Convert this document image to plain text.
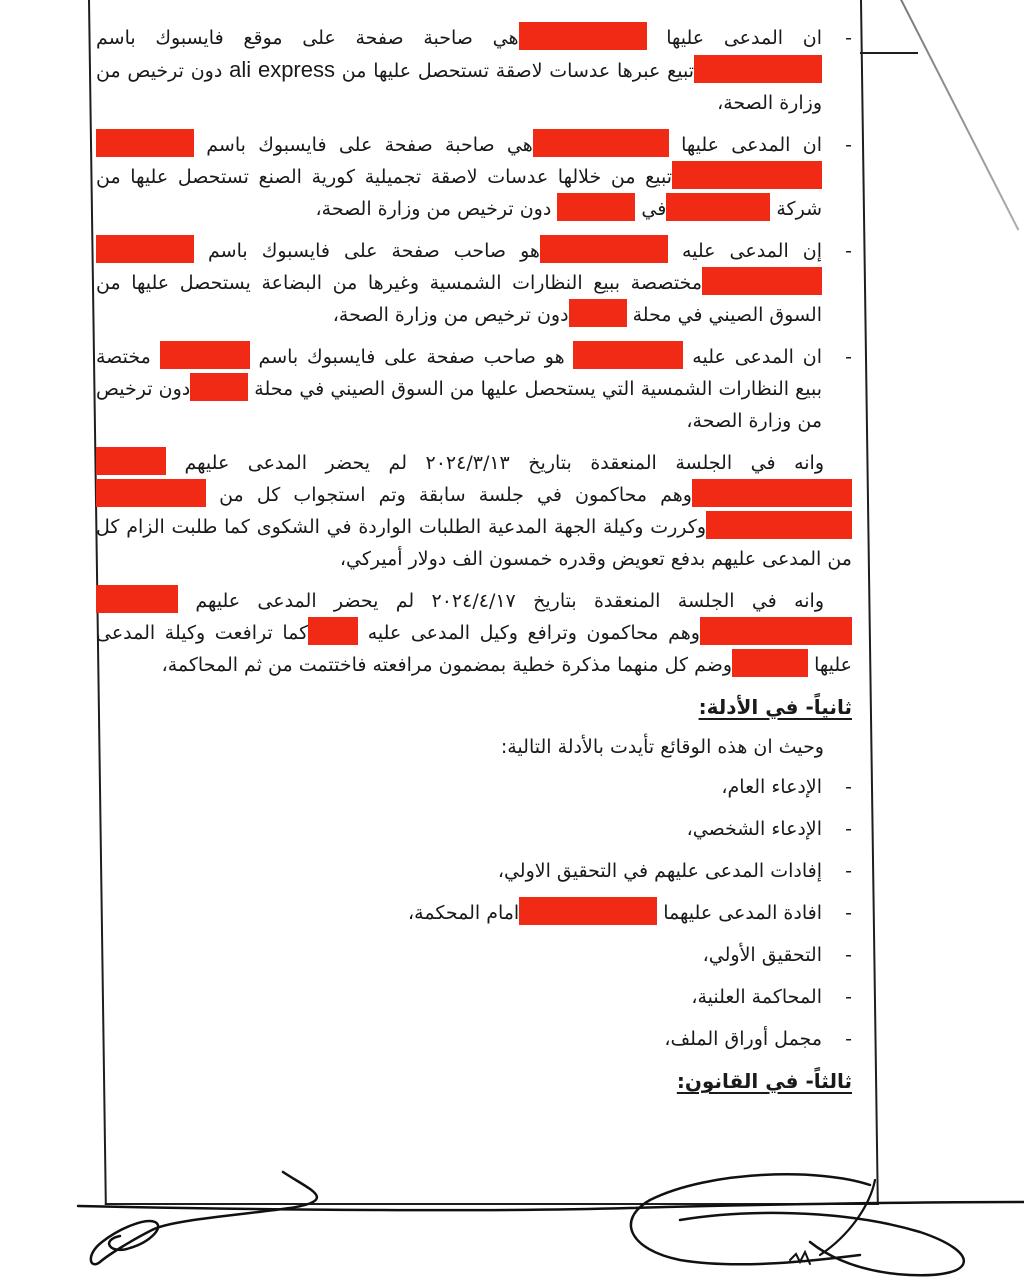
-
ان المدعى عليها هي صاحبة صفحة على موقع فايسبوك باسم تبيع عبرها عدسات لاصقة تستحصل عليها من ali express دون ترخيص من وزارة الصحة،
-
ان المدعى عليها هي صاحبة صفحة على فايسبوك باسم  تبيع من خلالها عدسات لاصقة تجميلية كورية الصنع تستحصل عليها من شركة في  دون ترخيص من وزارة الصحة،
-
إن المدعى عليه هو صاحب صفحة على فايسبوك باسم  مختصصة ببيع النظارات الشمسية وغيرها من البضاعة يستحصل عليها من السوق الصيني في محلة دون ترخيص من وزارة الصحة،
-
ان المدعى عليه  هو صاحب صفحة على فايسبوك باسم  مختصة ببيع النظارات الشمسية التي يستحصل عليها من السوق الصيني في محلة دون ترخيص من وزارة الصحة،
وانه في الجلسة المنعقدة بتاريخ ٢٠٢٤/٣/١٣ لم يحضر المدعى عليهم  وهم محاكمون في جلسة سابقة وتم استجواب كل من  وكررت وكيلة الجهة المدعية الطلبات الواردة في الشكوى كما طلبت الزام كل من المدعى عليهم بدفع تعويض وقدره خمسون الف دولار أميركي،
وانه في الجلسة المنعقدة بتاريخ ٢٠٢٤/٤/١٧ لم يحضر المدعى عليهم  وهم محاكمون وترافع وكيل المدعى عليه كما ترافعت وكيلة المدعى عليها وضم كل منهما مذكرة خطية بمضمون مرافعته فاختتمت من ثم المحاكمة،
ثانياً- في الأدلة:
وحيث ان هذه الوقائع تأيدت بالأدلة التالية:
-
الإدعاء العام،
-
الإدعاء الشخصي،
-
إفادات المدعى عليهم في التحقيق الاولي،
-
افادة المدعى عليهما امام المحكمة،
-
التحقيق الأولي،
-
المحاكمة العلنية،
-
مجمل أوراق الملف،
ثالثاً- في القانون:
